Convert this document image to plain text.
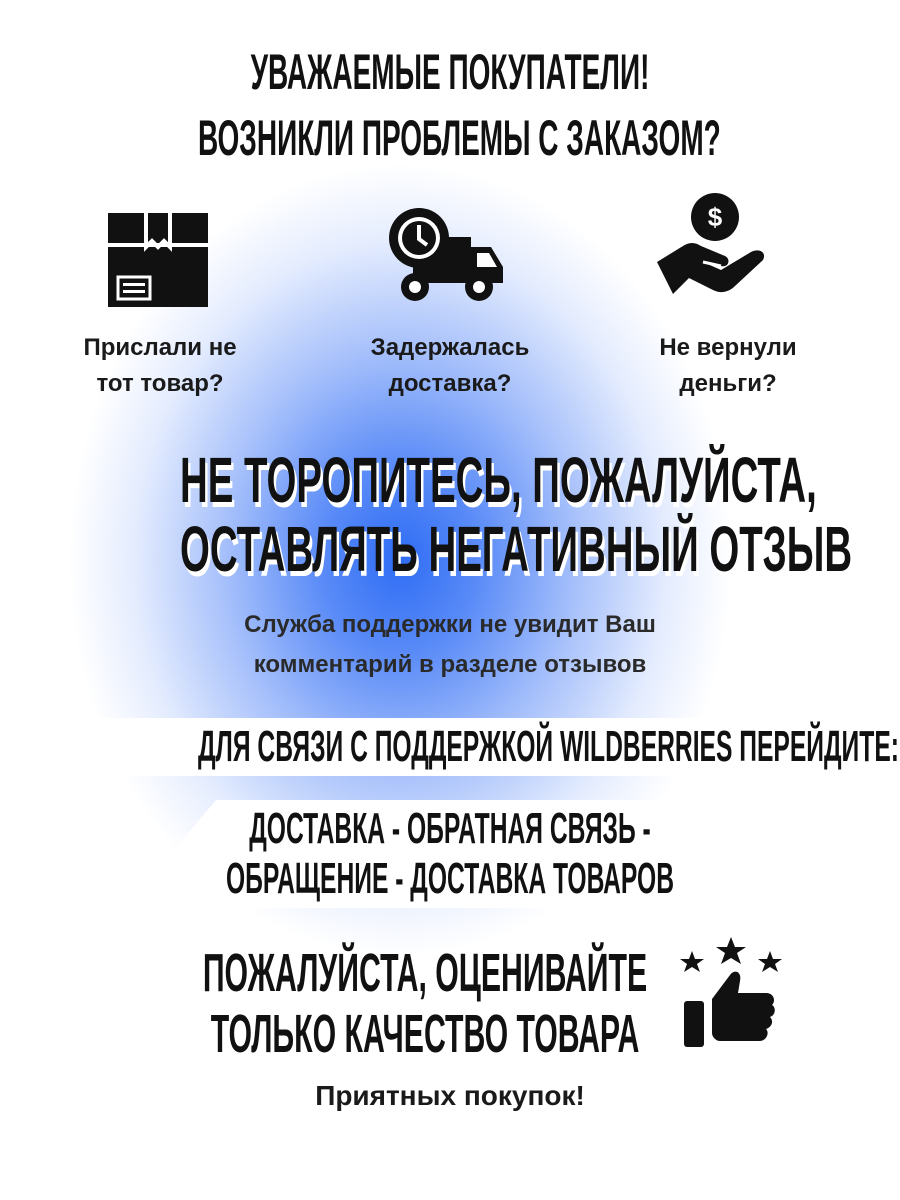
УВАЖАЕМЫЕ ПОКУПАТЕЛИ!
ВОЗНИКЛИ ПРОБЛЕМЫ С ЗАКАЗОМ?
$
Прислали не
тот товар?
Задержалась
доставка?
Не вернули
деньги?
НЕ ТОРОПИТЕСЬ, ПОЖАЛУЙСТА,
ОСТАВЛЯТЬ НЕГАТИВНЫЙ ОТЗЫВ
Служба поддержки не увидит Ваш
комментарий в разделе отзывов
ДЛЯ СВЯЗИ С ПОДДЕРЖКОЙ WILDBERRIES ПЕРЕЙДИТЕ:
ДОСТАВКА - ОБРАТНАЯ СВЯЗЬ -
ОБРАЩЕНИЕ - ДОСТАВКА ТОВАРОВ
ПОЖАЛУЙСТА, ОЦЕНИВАЙТЕ
ТОЛЬКО КАЧЕСТВО ТОВАРА
Приятных покупок!
